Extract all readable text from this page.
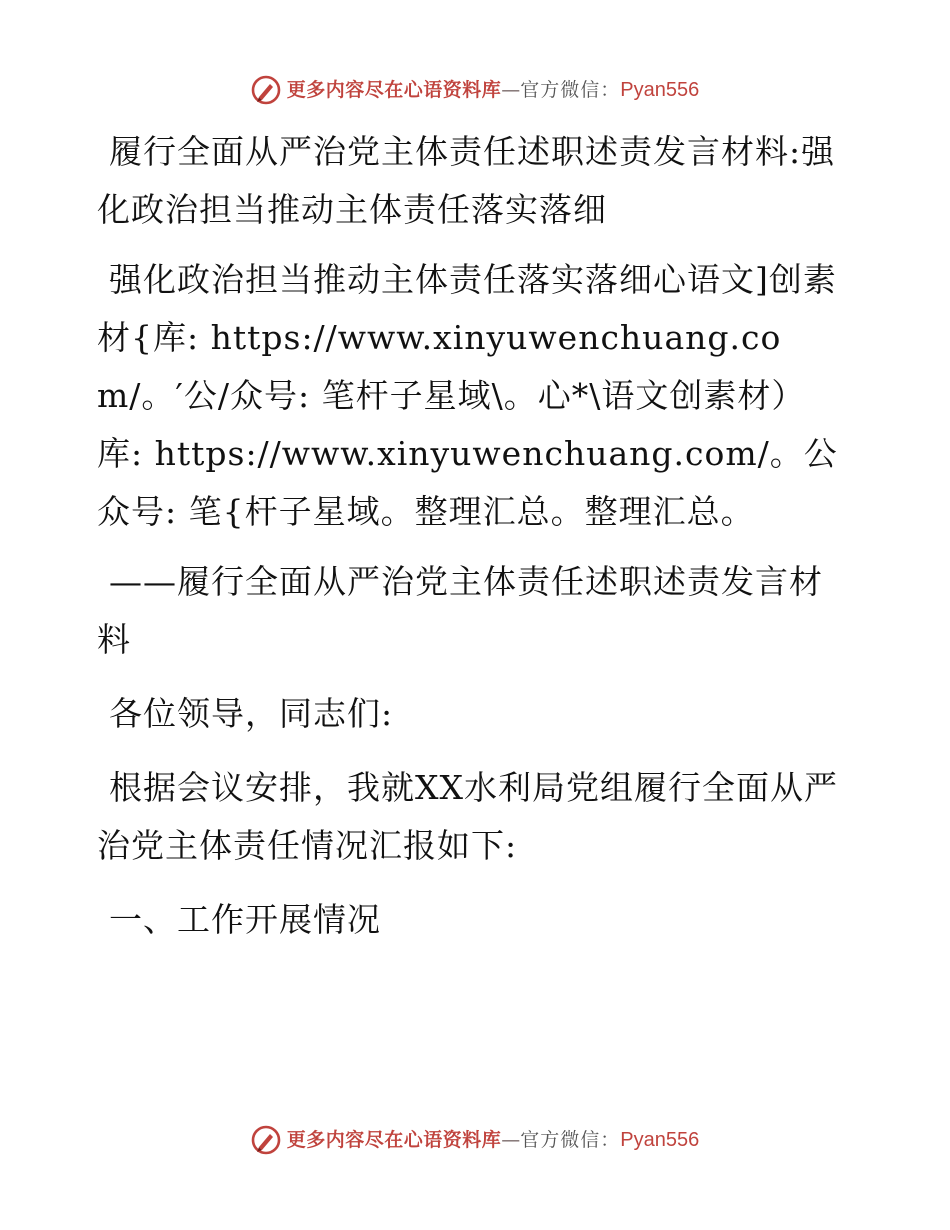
更多内容尽在心语资料库 — 官方微信： Pyan556

履行全面从严治党主体责任述职述责发言材料:强化政治担当推动主体责任落实落细

强化政治担当推动主体责任落实落细心语文]创素材{库: https://www.xinyuwenchuang.com/。′公/众号: 笔杆子星域\。心*\语文创素材）库: https://www.xinyuwenchuang.com/。公众号: 笔{杆子星域。整理汇总。整理汇总。

——履行全面从严治党主体责任述职述责发言材料

各位领导，同志们:

根据会议安排，我就XX水利局党组履行全面从严治党主体责任情况汇报如下:

一、工作开展情况

更多内容尽在心语资料库 — 官方微信： Pyan556
